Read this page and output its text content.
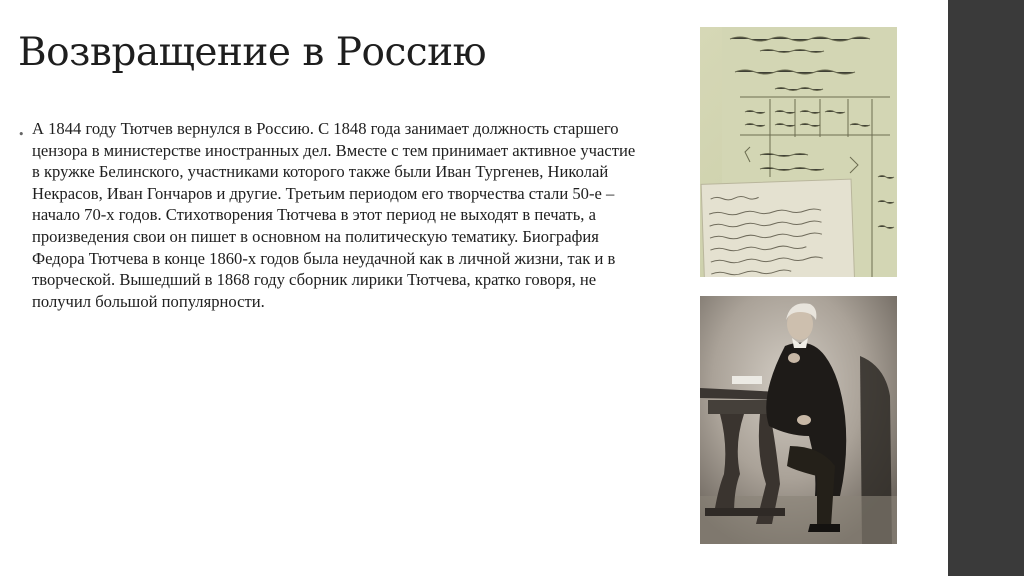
Возвращение в Россию
• А 1844 году Тютчев вернулся в Россию. С 1848 года занимает должность старшего цензора в министерстве иностранных дел. Вместе с тем принимает активное участие в кружке Белинского, участниками которого также были Иван Тургенев, Николай Некрасов, Иван Гончаров и другие. Третьим периодом его творчества стали 50-е – начало 70-х годов. Стихотворения Тютчева в этот период не выходят в печать, а произведения свои он пишет в основном на политическую тематику. Биография Федора Тютчева в конце 1860-х годов была неудачной как в личной жизни, так и в творческой. Вышедший в 1868 году сборник лирики Тютчева, кратко говоря, не получил большой популярности.
